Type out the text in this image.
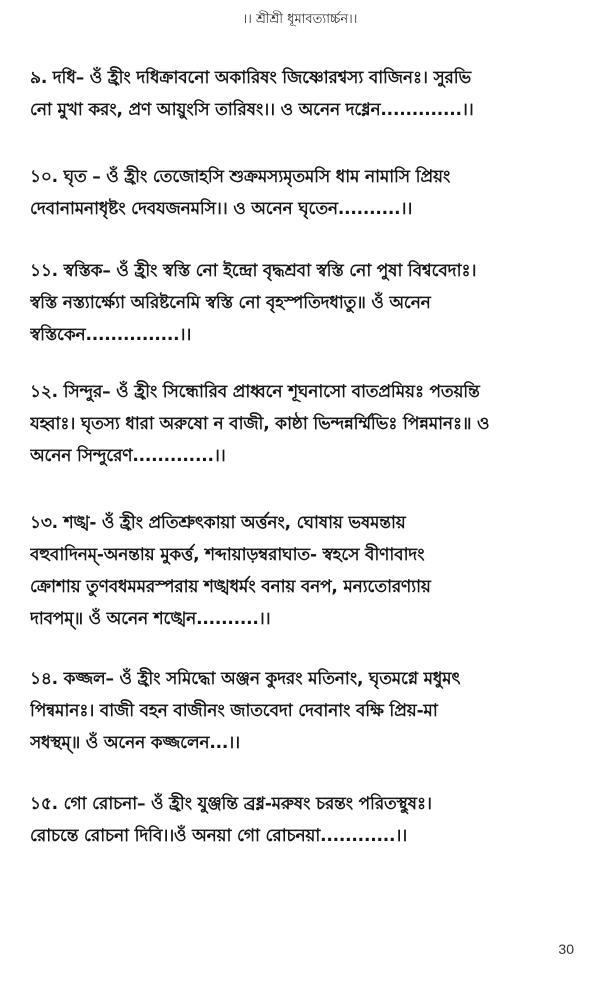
।। শ্রীশ্রী ধূমাবত্যার্চ্চন।।
৯. দধি– ওঁ হ্রীং দধিক্রাবনো অকারিষং জিষ্ণোরশ্বস্য বাজিনঃ। সুরভি
নো মুখা করং, প্রণ আয়ুংসি তারিষং।। ও অনেন দধ্নেন.............।।
১০. ঘৃত – ওঁ হ্রীং তেজোহসি শুক্রমস্যমৃতমসি ধাম নামাসি প্রিয়ং
দেবানামনাধৃষ্টং দেবযজনমসি।। ও অনেন ঘৃতেন..........।।
১১. স্বস্তিক– ওঁ হ্রীং স্বস্তি নো ইন্দ্রো বৃদ্ধশ্রবা স্বস্তি নো পুষা বিশ্ববেদাঃ।
স্বস্তি নস্ত্যার্ক্ষ্যো অরিষ্টনেমি স্বস্তি নো বৃহস্পতিদধাতু॥ ওঁ অনেন
স্বস্তিকেন...............।।
১২. সিন্দুর– ওঁ হ্রীং সিন্ধোরিব প্রাধ্বনে শূঘনাসো বাতপ্রমিয়ঃ পতয়ন্তি
যহ্বাঃ। ঘৃতস্য ধারা অরুষো ন বাজী, কাষ্ঠা ভিন্দন্নর্ম্মিভিঃ পিন্নমানঃ॥ ও
অনেন সিন্দুরেণ.............।।
১৩. শঙ্খ- ওঁ হ্রীং প্রতিশ্রুৎকায়া অর্ত্তনং, ঘোষায় ভষমন্তায়
বহুবাদিনম্-অনন্তায় মুকর্ত্ত, শব্দায়াড়ম্বরাঘাত- স্বহসে বীণাবাদং
ক্রোশায় তুণবধমমরস্পরায় শঙ্খধর্মং বনায় বনপ, মন্যতোরণ্যায়
দাবপম্॥ ওঁ অনেন শঙ্খেন..........।।
১৪. কজ্জল– ওঁ হ্রীং সমিদ্ধো অঞ্জন কুদরং মতিনাং, ঘৃতমগ্নে মধুমৎ
পিন্বমানঃ। বাজী বহন বাজীনং জাতবেদা দেবানাং বক্ষি প্রিয়-মা
সধস্থম্॥ ওঁ অনেন কজ্জলেন...।।
১৫. গো রোচনা– ওঁ হ্রীং যুঞ্জন্তি ব্রধ্ন-মরুষং চরন্তং পরিতস্থুষঃ।
রোচন্তে রোচনা দিবি।।ওঁ অনয়া গো রোচনয়া............।।
30
